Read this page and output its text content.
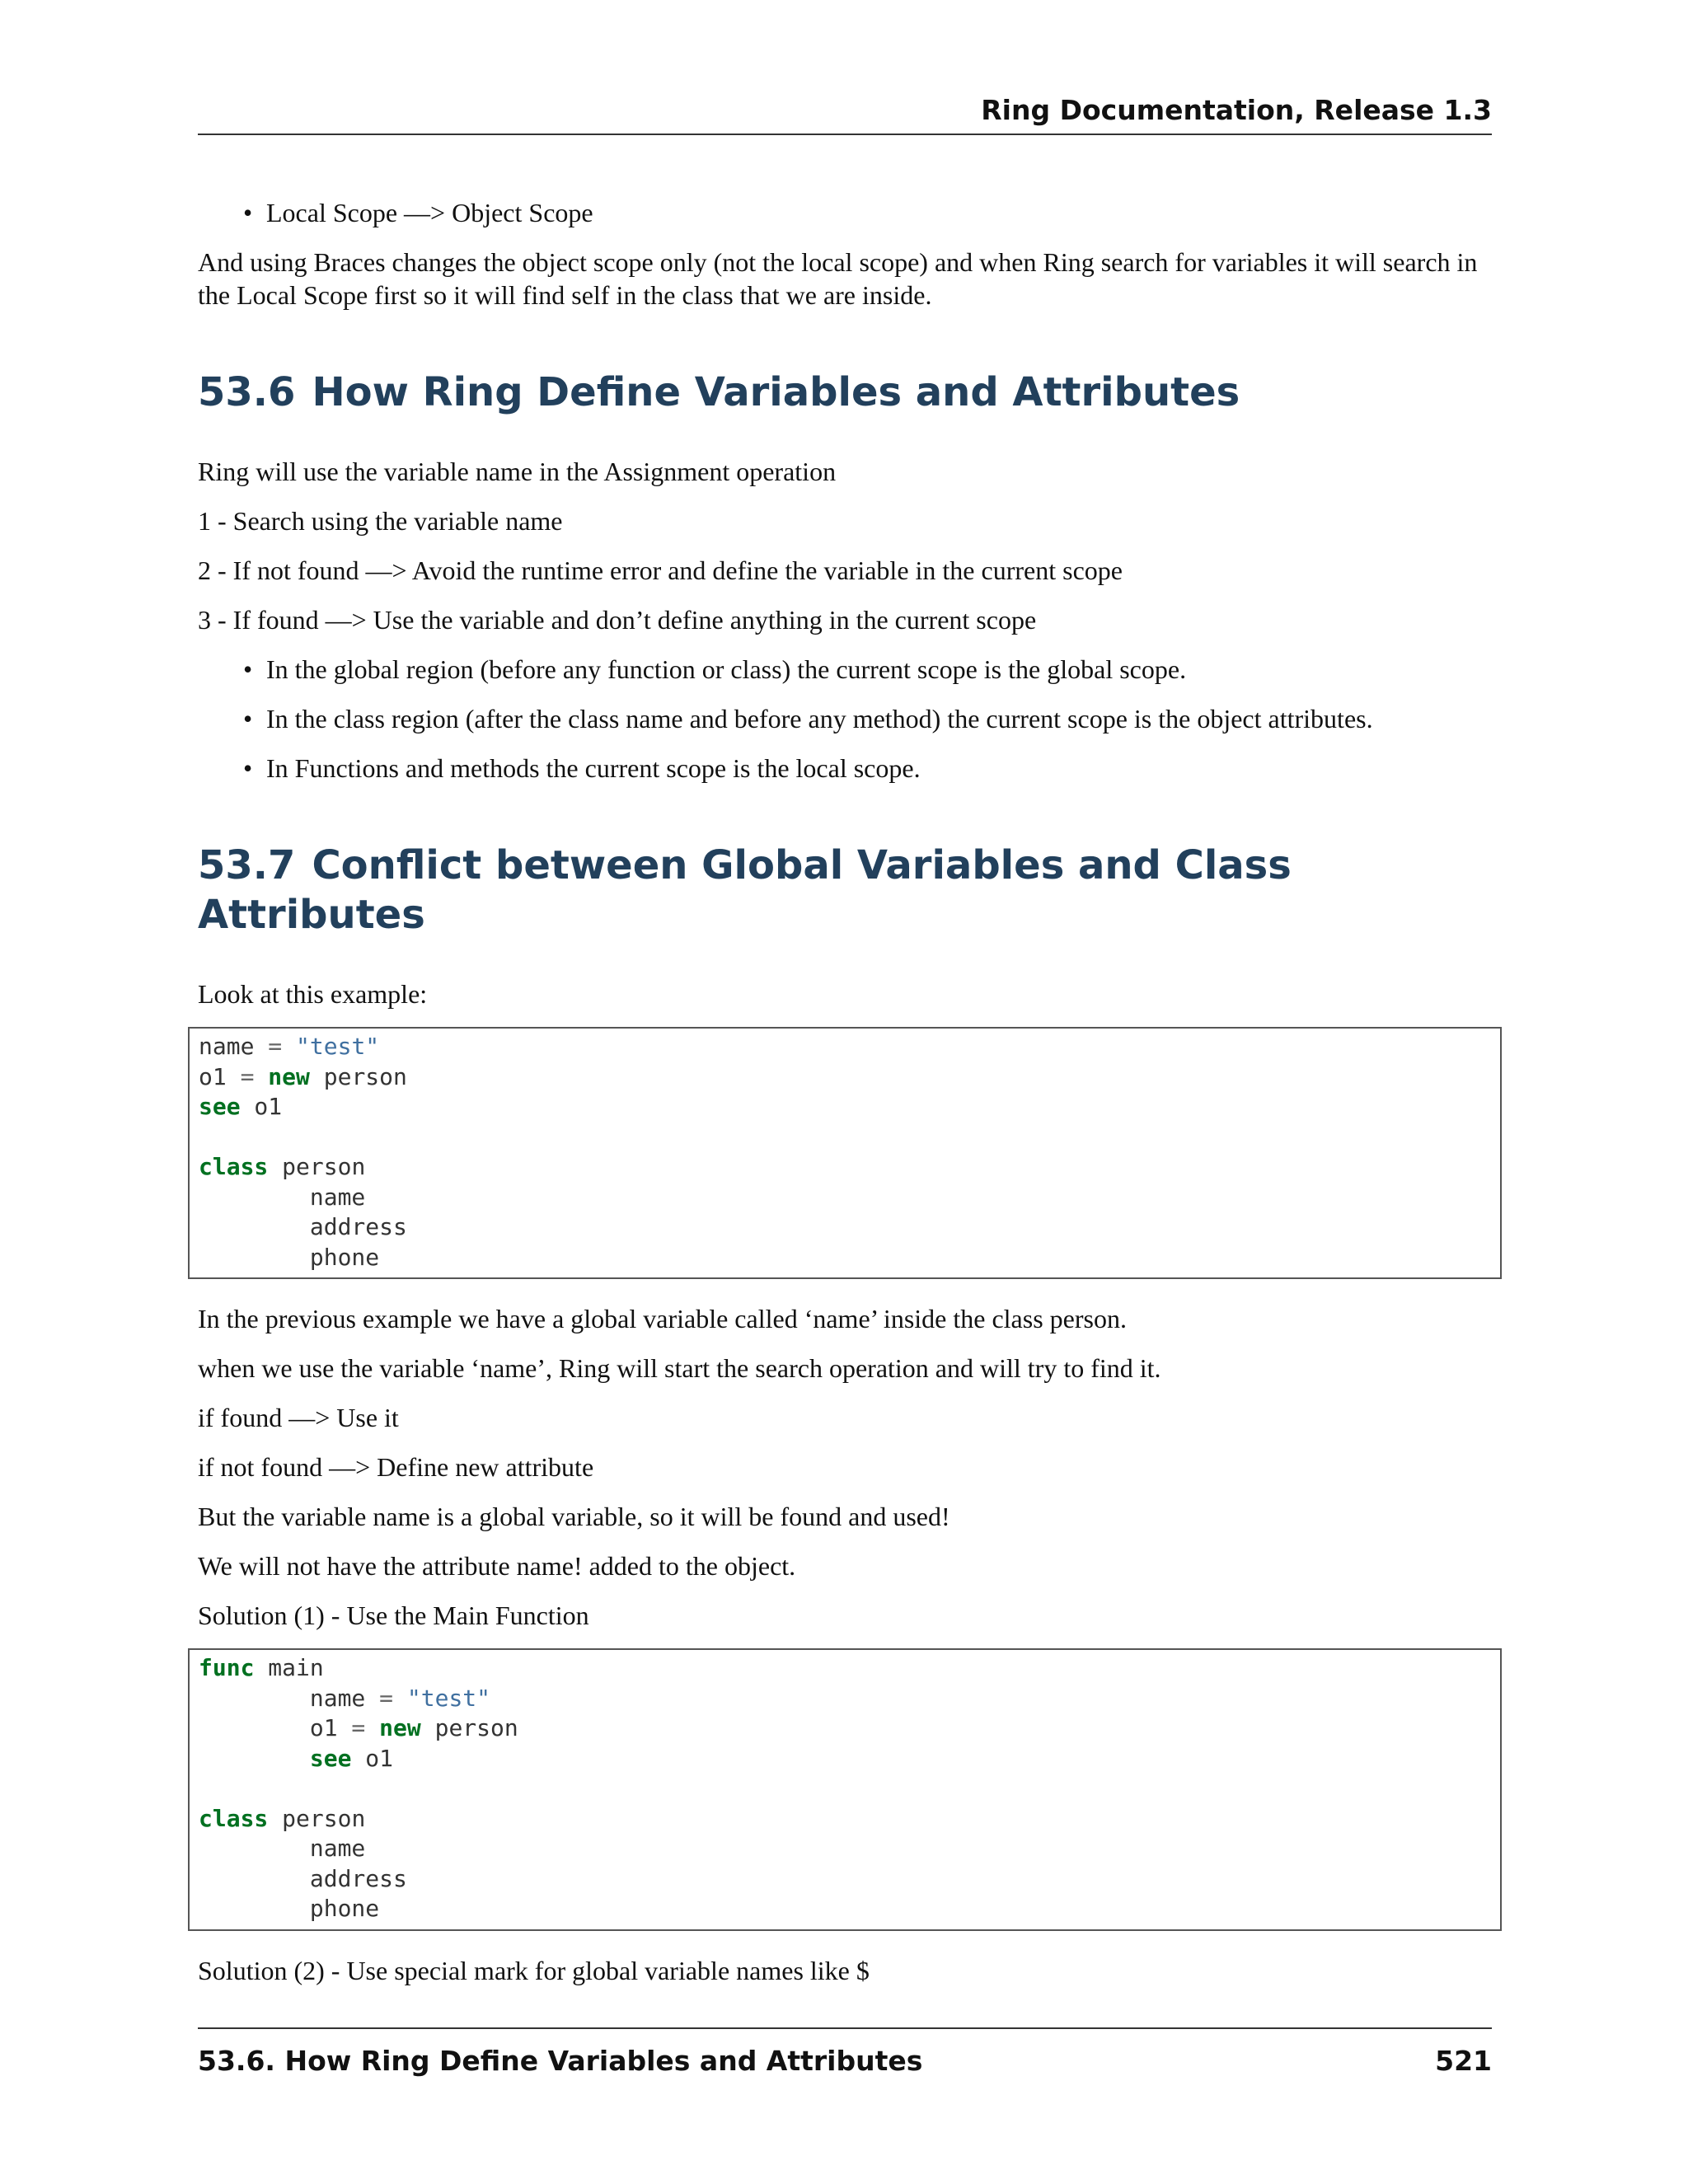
Ring Documentation, Release 1.3
• Local Scope —> Object Scope

And using Braces changes the object scope only (not the local scope) and when Ring search for variables it will search in the Local Scope first so it will find self in the class that we are inside.

53.6 How Ring Define Variables and Attributes

Ring will use the variable name in the Assignment operation

1 - Search using the variable name

2 - If not found —> Avoid the runtime error and define the variable in the current scope

3 - If found —> Use the variable and don’t define anything in the current scope

• In the global region (before any function or class) the current scope is the global scope.
• In the class region (after the class name and before any method) the current scope is the object attributes.
• In Functions and methods the current scope is the local scope.
53.7 Conflict between Global Variables and Class Attributes

Look at this example:

name = "test"
o1 = new person
see o1

class person
name
address
phone

In the previous example we have a global variable called ‘name’ inside the class person.

when we use the variable ‘name’, Ring will start the search operation and will try to find it.

if found —> Use it

if not found —> Define new attribute

But the variable name is a global variable, so it will be found and used!

We will not have the attribute name! added to the object.

Solution (1) - Use the Main Function

func main
name = "test"
o1 = new person
see o1

class person
name
address
phone

Solution (2) - Use special mark for global variable names like $

53.6. How Ring Define Variables and Attributes	521
